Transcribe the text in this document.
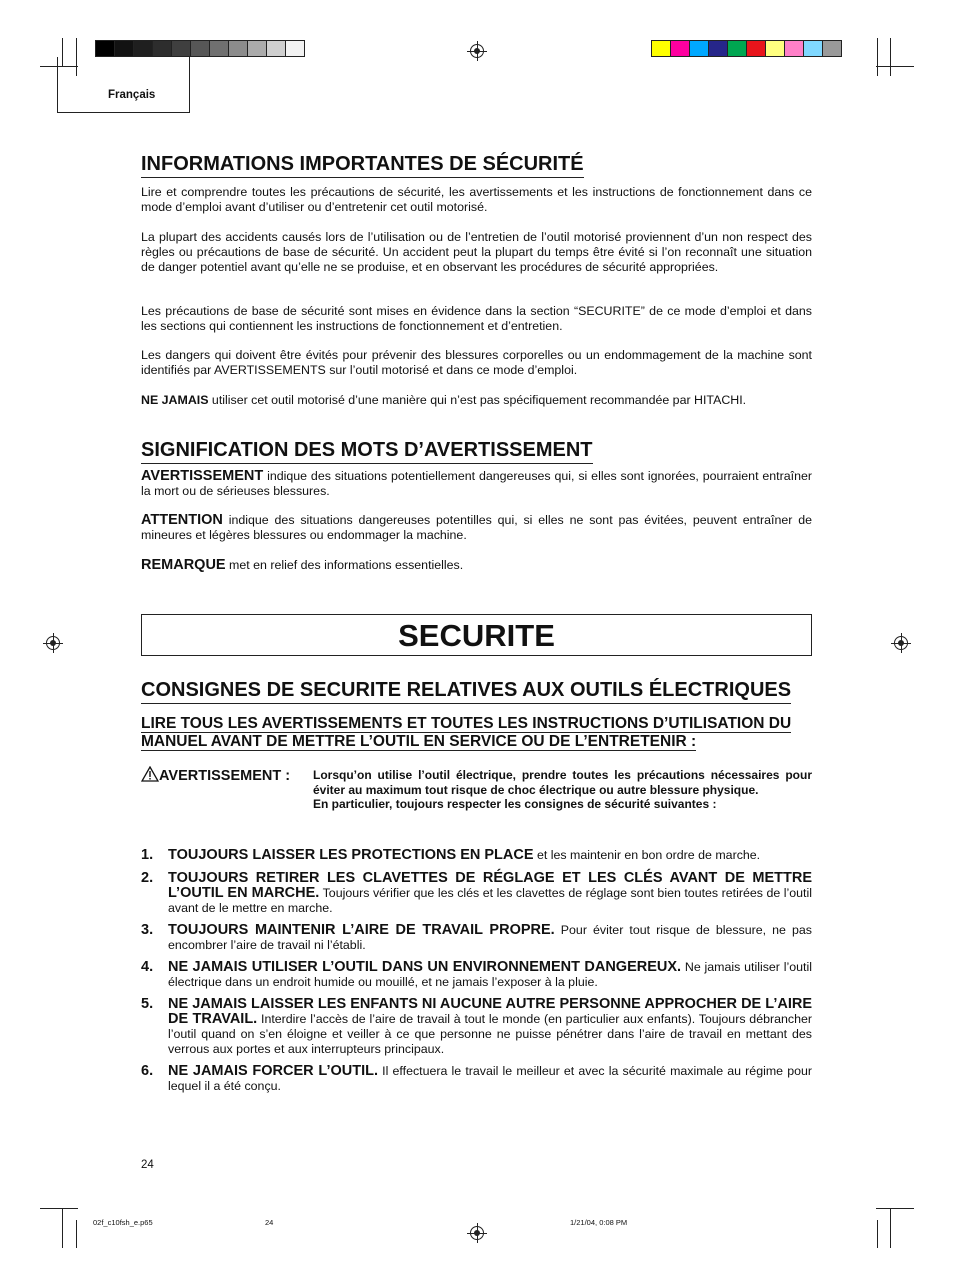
Français
INFORMATIONS IMPORTANTES DE SÉCURITÉ
Lire et comprendre toutes les précautions de sécurité, les avertissements et les instructions de fonctionnement dans ce mode d’emploi avant d’utiliser ou d’entretenir cet outil motorisé.
La plupart des accidents causés lors de l’utilisation ou de l’entretien de l’outil motorisé proviennent d’un non respect des règles ou précautions de base de sécurité. Un accident peut la plupart du temps être évité si l’on reconnaît une situation de danger potentiel avant qu’elle ne se produise, et en observant les procédures de sécurité appropriées.
Les précautions de base de sécurité sont mises en évidence dans la section “SECURITE” de ce mode d’emploi et dans les sections qui contiennent les instructions de fonctionnement et d’entretien.
Les dangers qui doivent être évités pour prévenir des blessures corporelles ou un endommagement de la machine sont identifiés par AVERTISSEMENTS sur l’outil motorisé et dans ce mode d’emploi.
NE JAMAIS utiliser cet outil motorisé d’une manière qui n’est pas spécifiquement recommandée par HITACHI.
SIGNIFICATION DES MOTS D’AVERTISSEMENT
AVERTISSEMENT indique des situations potentiellement dangereuses qui, si elles sont ignorées, pourraient entraîner la mort ou de sérieuses blessures.
ATTENTION indique des situations dangereuses potentilles qui, si elles ne sont pas évitées, peuvent entraîner de mineures et légères blessures ou endommager la machine.
REMARQUE met en relief des informations essentielles.
SECURITE
CONSIGNES DE SECURITE RELATIVES AUX OUTILS ÉLECTRIQUES
LIRE TOUS LES AVERTISSEMENTS ET TOUTES LES INSTRUCTIONS D’UTILISATION DU
MANUEL AVANT DE METTRE L’OUTIL EN SERVICE OU DE L’ENTRETENIR :
AVERTISSEMENT : Lorsqu’on utilise l’outil électrique, prendre toutes les précautions nécessaires pour éviter au maximum tout risque de choc électrique ou autre blessure physique.
En particulier, toujours respecter les consignes de sécurité suivantes :
1. TOUJOURS LAISSER LES PROTECTIONS EN PLACE et les maintenir en bon ordre de marche.
2. TOUJOURS RETIRER LES CLAVETTES DE RÉGLAGE ET LES CLÉS AVANT DE METTRE L’OUTIL EN MARCHE. Toujours vérifier que les clés et les clavettes de réglage sont bien toutes retirées de l’outil avant de le mettre en marche.
3. TOUJOURS MAINTENIR L’AIRE DE TRAVAIL PROPRE. Pour éviter tout risque de blessure, ne pas encombrer l’aire de travail ni l’établi.
4. NE JAMAIS UTILISER L’OUTIL DANS UN ENVIRONNEMENT DANGEREUX. Ne jamais utiliser l’outil électrique dans un endroit humide ou mouillé, et ne jamais l’exposer à la pluie.
5. NE JAMAIS LAISSER LES ENFANTS NI AUCUNE AUTRE PERSONNE APPROCHER DE L’AIRE DE TRAVAIL. Interdire l’accès de l’aire de travail à tout le monde (en particulier aux enfants). Toujours débrancher l’outil quand on s’en éloigne et veiller à ce que personne ne puisse pénétrer dans l’aire de travail en mettant des verrous aux portes et aux interrupteurs principaux.
6. NE JAMAIS FORCER L’OUTIL. Il effectuera le travail le meilleur et avec la sécurité maximale au régime pour lequel il a été conçu.
24
02f_c10fsh_e.p65	24	1/21/04, 0:08 PM
